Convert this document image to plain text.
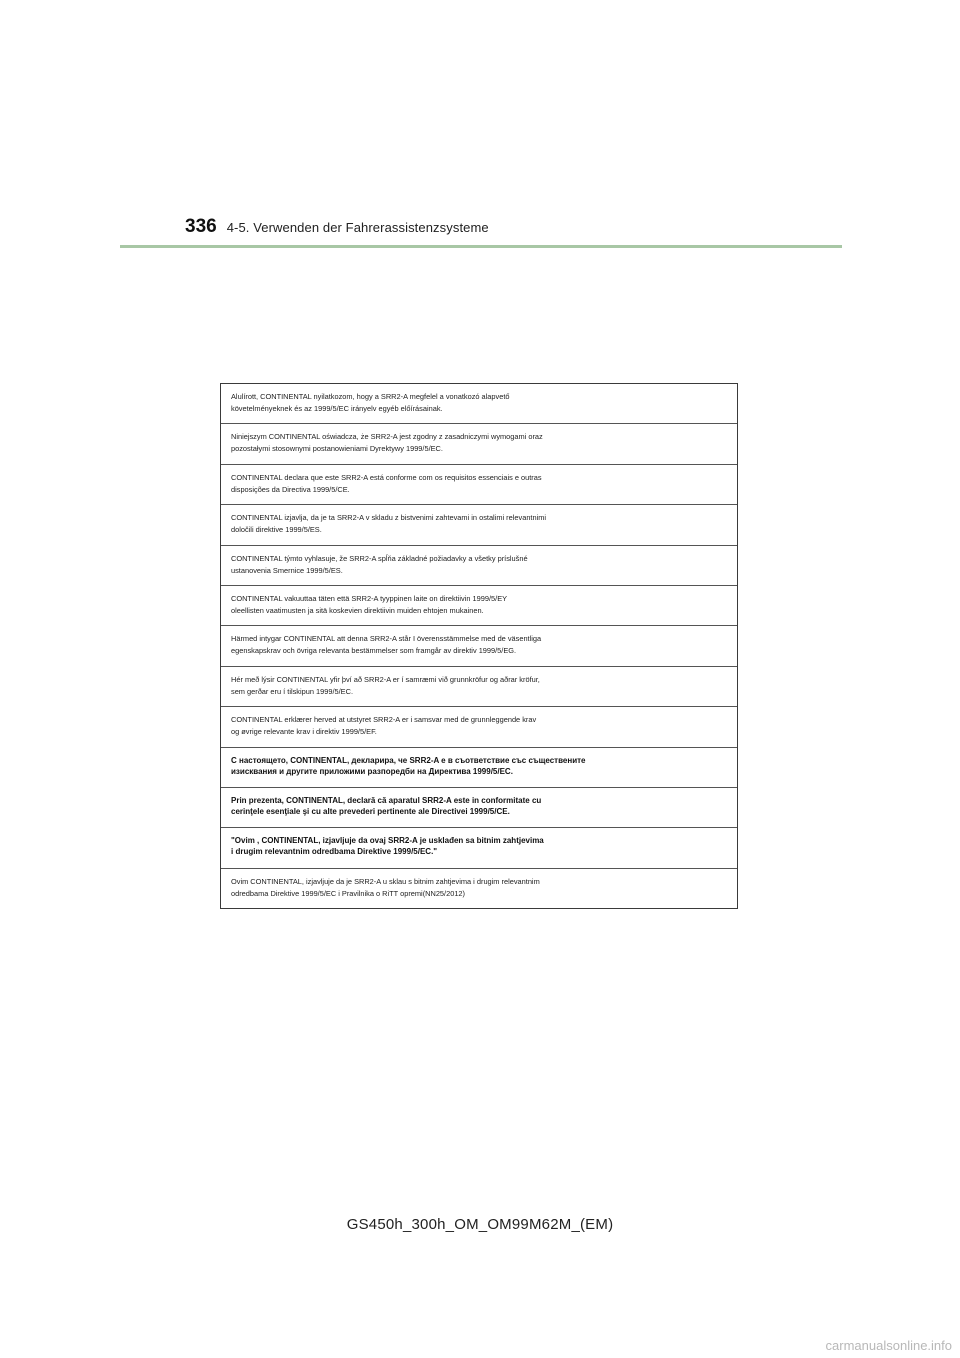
336 4-5. Verwenden der Fahrerassistenzsysteme
Alulírott, CONTINENTAL nyilatkozom, hogy a SRR2-A megfelel a vonatkozó alapvető
követelményeknek és az 1999/5/EC irányelv egyéb előírásainak.
Niniejszym CONTINENTAL oświadcza, że SRR2-A jest zgodny z zasadniczymi wymogami oraz
pozostałymi stosownymi postanowieniami Dyrektywy 1999/5/EC.
CONTINENTAL declara que este SRR2-A está conforme com os requisitos essenciais e outras
disposições da Directiva 1999/5/CE.
CONTINENTAL izjavlja, da je ta SRR2-A v skladu z bistvenimi zahtevami in ostalimi relevantnimi
določili direktive 1999/5/ES.
CONTINENTAL týmto vyhlasuje, že SRR2-A spĺňa základné požiadavky a všetky príslušné
ustanovenia Smernice 1999/5/ES.
CONTINENTAL vakuuttaa täten että SRR2-A tyyppinen laite on direktiivin 1999/5/EY
oleellisten vaatimusten ja sitä koskevien direktiivin muiden ehtojen mukainen.
Härmed intygar CONTINENTAL att denna SRR2-A står I överensstämmelse med de väsentliga
egenskapskrav och övriga relevanta bestämmelser som framgår av direktiv 1999/5/EG.
Hér með lýsir CONTINENTAL yfir því að SRR2-A er í samræmi við grunnkröfur og aðrar kröfur,
sem gerðar eru í tilskipun 1999/5/EC.
CONTINENTAL erklærer herved at utstyret SRR2-A er i samsvar med de grunnleggende krav
og øvrige relevante krav i direktiv 1999/5/EF.
С настоящето, CONTINENTAL, декларира, че SRR2-A е в съответствие със съществените
изисквания и другите приложими разпоредби на Директива 1999/5/EC.
Prin prezenta, CONTINENTAL, declară că aparatul SRR2-A este in conformitate cu
cerinţele esenţiale şi cu alte prevederi pertinente ale Directivei 1999/5/CE.
"Ovim , CONTINENTAL, izjavljuje da ovaj SRR2-A je usklađen sa bitnim zahtjevima
i drugim relevantnim odredbama Direktive 1999/5/EC."
Ovim CONTINENTAL, izjavljuje da je SRR2-A u sklau s bitnim zahtjevima i drugim relevantnim
odredbama Direktive 1999/5/EC i Pravilnika o RiTT opremi(NN25/2012)
GS450h_300h_OM_OM99M62M_(EM)
carmanualsonline.info
